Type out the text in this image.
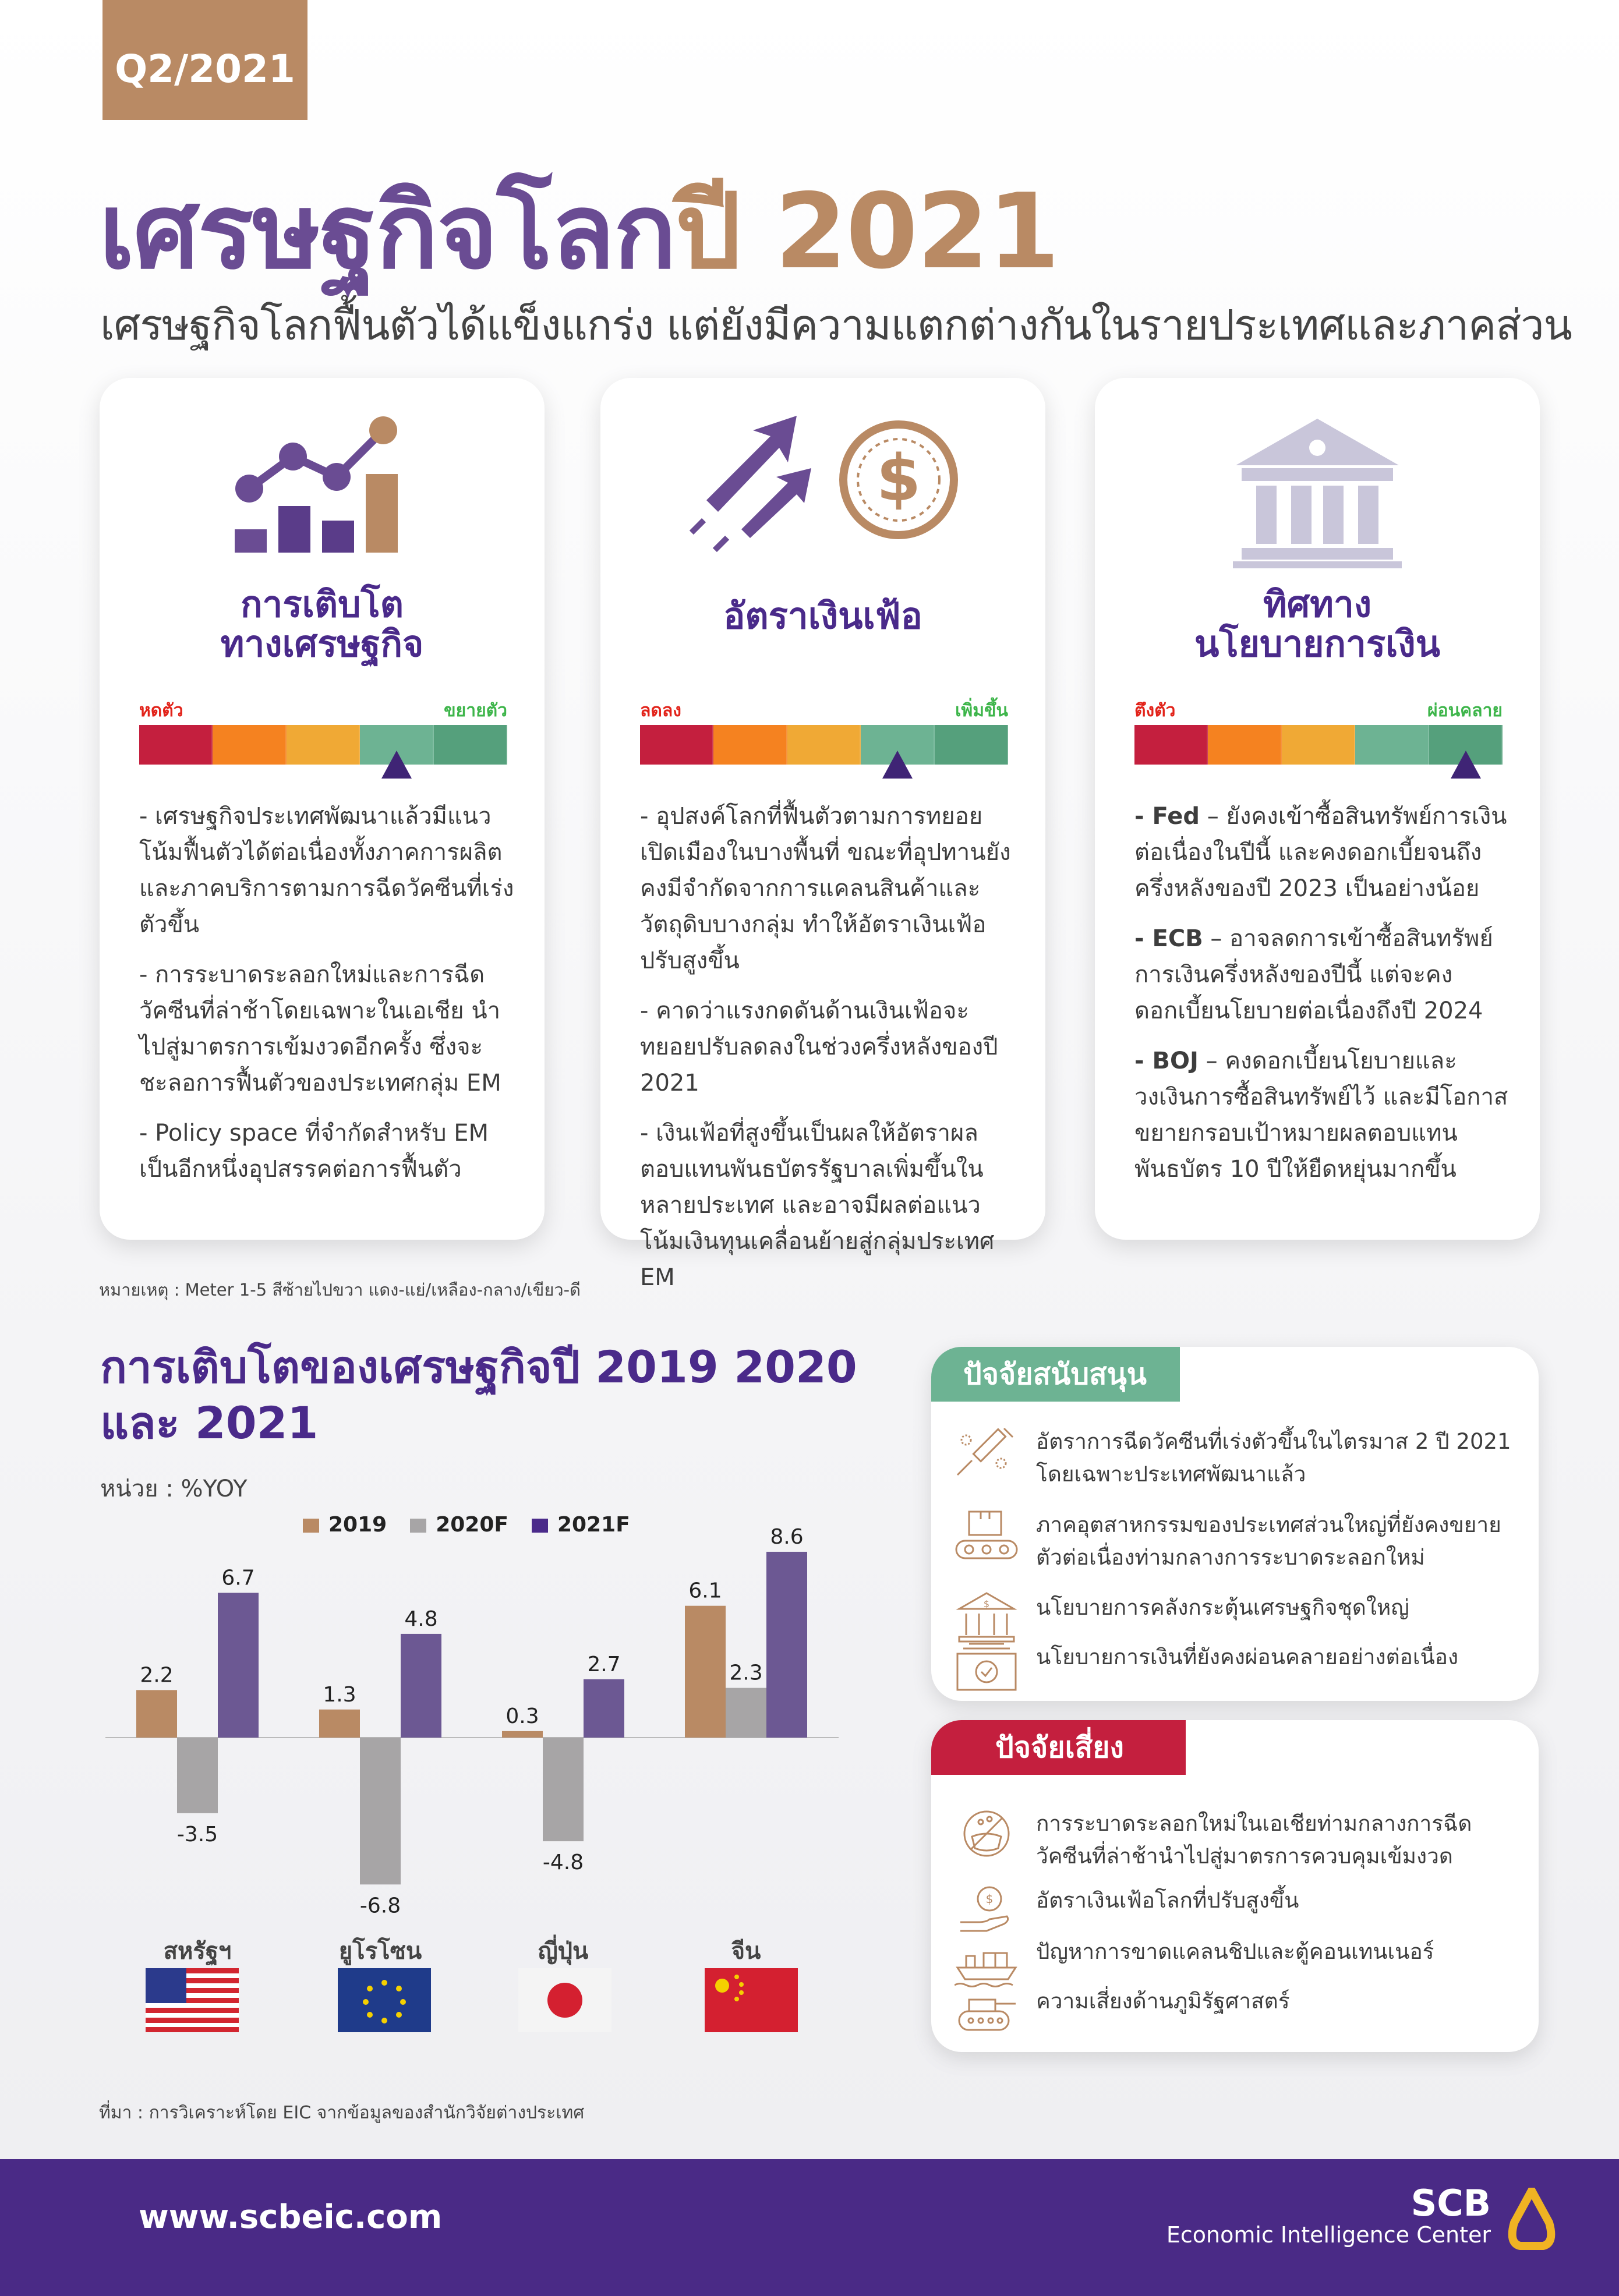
Q2/2021
เศรษฐกิจโลกปี 2021
เศรษฐกิจโลกฟื้นตัวได้แข็งแกร่ง แต่ยังมีความแตกต่างกันในรายประเทศและภาคส่วน
การเติบโต
ทางเศรษฐกิจ
หดตัว	ขยายตัว

- เศรษฐกิจประเทศพัฒนาแล้วมีแนวโน้มฟื้นตัวได้ต่อเนื่องทั้งภาคการผลิตและภาคบริการตามการฉีดวัคซีนที่เร่งตัวขึ้น

- การระบาดระลอกใหม่และการฉีดวัคซีนที่ล่าช้าโดยเฉพาะในเอเชีย นำไปสู่มาตรการเข้มงวดอีกครั้ง ซึ่งจะชะลอการฟื้นตัวของประเทศกลุ่ม EM

- Policy space ที่จำกัดสำหรับ EM เป็นอีกหนึ่งอุปสรรคต่อการฟื้นตัว

$
อัตราเงินเฟ้อ
ลดลง	เพิ่มขึ้น

- อุปสงค์โลกที่ฟื้นตัวตามการทยอยเปิดเมืองในบางพื้นที่ ขณะที่อุปทานยังคงมีจำกัดจากการแคลนสินค้าและวัตถุดิบบางกลุ่ม ทำให้อัตราเงินเฟ้อปรับสูงขึ้น

- คาดว่าแรงกดดันด้านเงินเฟ้อจะทยอยปรับลดลงในช่วงครึ่งหลังของปี 2021

- เงินเฟ้อที่สูงขึ้นเป็นผลให้อัตราผลตอบแทนพันธบัตรรัฐบาลเพิ่มขึ้นในหลายประเทศ และอาจมีผลต่อแนวโน้มเงินทุนเคลื่อนย้ายสู่กลุ่มประเทศ EM

ทิศทาง
นโยบายการเงิน
ตึงตัว	ผ่อนคลาย

- Fed – ยังคงเข้าซื้อสินทรัพย์การเงินต่อเนื่องในปีนี้ และคงดอกเบี้ยจนถึงครึ่งหลังของปี 2023 เป็นอย่างน้อย

- ECB – อาจลดการเข้าซื้อสินทรัพย์การเงินครึ่งหลังของปีนี้ แต่จะคงดอกเบี้ยนโยบายต่อเนื่องถึงปี 2024

- BOJ – คงดอกเบี้ยนโยบายและวงเงินการซื้อสินทรัพย์ไว้ และมีโอกาสขยายกรอบเป้าหมายผลตอบแทนพันธบัตร 10 ปีให้ยืดหยุ่นมากขึ้น

หมายเหตุ : Meter 1-5 สีซ้ายไปขวา แดง-แย่/เหลือง-กลาง/เขียว-ดี
การเติบโตของเศรษฐกิจปี 2019 2020 และ 2021
หน่วย : %YOY
2019	2020F	2021F
2.2
-3.5
6.7
1.3
-6.8
4.8
0.3
-4.8
2.7
6.1
2.3
8.6
สหรัฐฯ	ยูโรโซน	ญี่ปุ่น	จีน
ที่มา : การวิเคราะห์โดย EIC จากข้อมูลของสำนักวิจัยต่างประเทศ
ปัจจัยสนับสนุน
อัตราการฉีดวัคซีนที่เร่งตัวขึ้นในไตรมาส 2 ปี 2021 โดยเฉพาะประเทศพัฒนาแล้ว
ภาคอุตสาหกรรมของประเทศส่วนใหญ่ที่ยังคงขยายตัวต่อเนื่องท่ามกลางการระบาดระลอกใหม่
$ นโยบายการคลังกระตุ้นเศรษฐกิจชุดใหญ่
นโยบายการเงินที่ยังคงผ่อนคลายอย่างต่อเนื่อง
ปัจจัยเสี่ยง
การระบาดระลอกใหม่ในเอเชียท่ามกลางการฉีดวัคซีนที่ล่าช้านำไปสู่มาตรการควบคุมเข้มงวด
$ อัตราเงินเฟ้อโลกที่ปรับสูงขึ้น
ปัญหาการขาดแคลนชิปและตู้คอนเทนเนอร์
ความเสี่ยงด้านภูมิรัฐศาสตร์
www.scbeic.com	SCB
Economic Intelligence Center
